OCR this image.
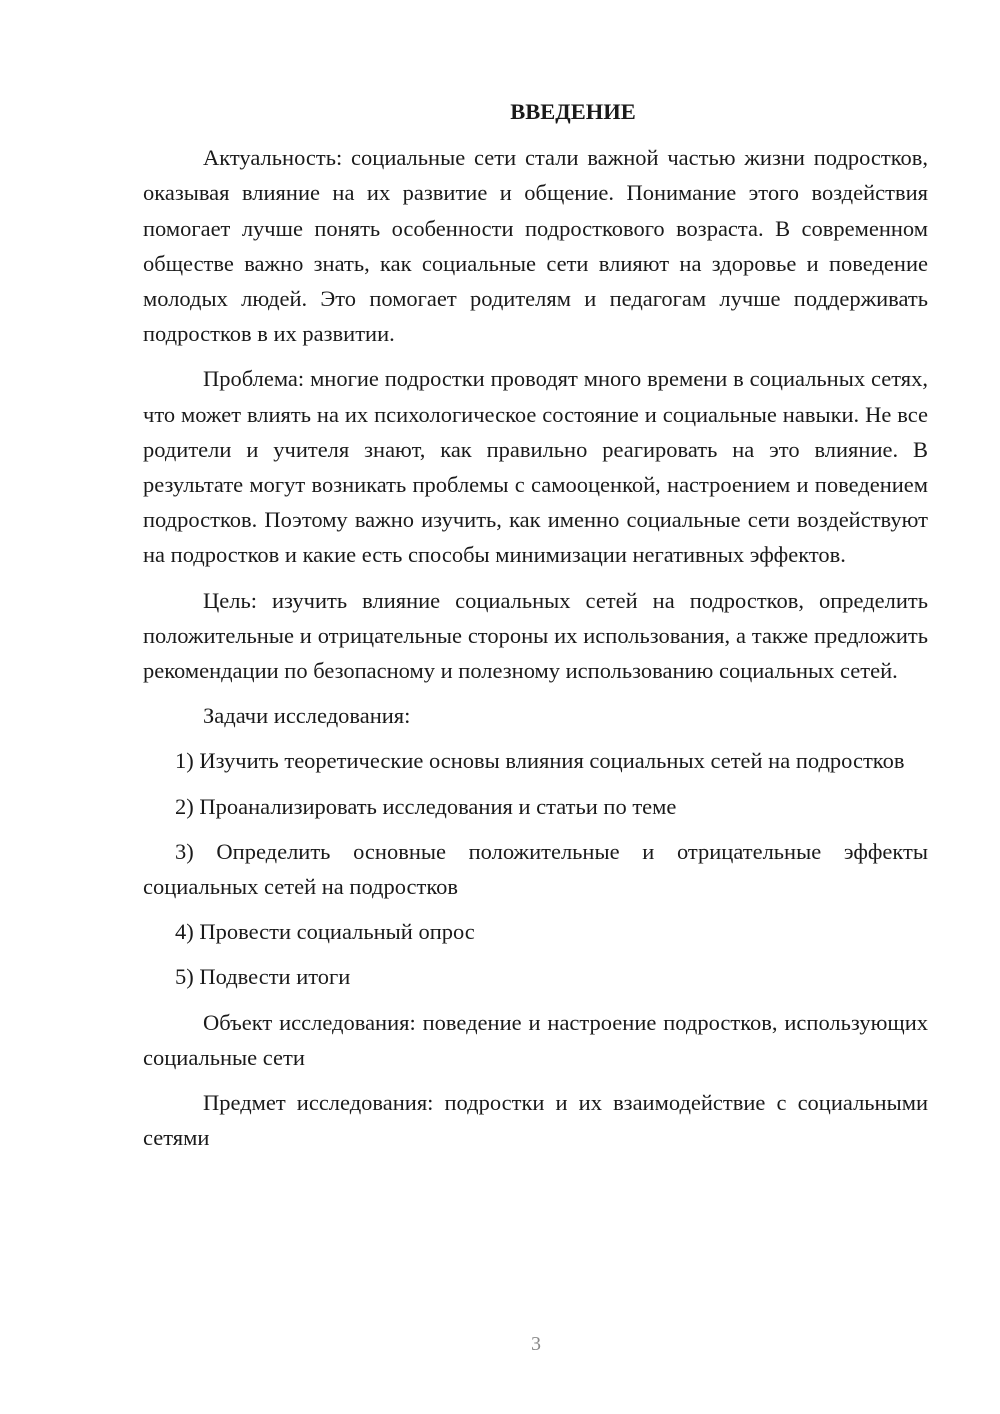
ВВЕДЕНИЕ

Актуальность: социальные сети стали важной частью жизни подростков, оказывая влияние на их развитие и общение. Понимание этого воздействия помогает лучше понять особенности подросткового возраста. В современном обществе важно знать, как социальные сети влияют на здоровье и поведение молодых людей. Это помогает родителям и педагогам лучше поддерживать подростков в их развитии.

Проблема: многие подростки проводят много времени в социальных сетях, что может влиять на их психологическое состояние и социальные навыки. Не все родители и учителя знают, как правильно реагировать на это влияние. В результате могут возникать проблемы с самооценкой, настроением и поведением подростков. Поэтому важно изучить, как именно социальные сети воздействуют на подростков и какие есть способы минимизации негативных эффектов.

Цель: изучить влияние социальных сетей на подростков, определить положительные и отрицательные стороны их использования, а также предложить рекомендации по безопасному и полезному использованию социальных сетей.

Задачи исследования:

1) Изучить теоретические основы влияния социальных сетей на подростков

2) Проанализировать исследования и статьи по теме

3) Определить основные положительные и отрицательные эффекты социальных сетей на подростков

4) Провести социальный опрос

5) Подвести итоги

Объект исследования: поведение и настроение подростков, использующих социальные сети

Предмет исследования: подростки и их взаимодействие с социальными сетями

3
